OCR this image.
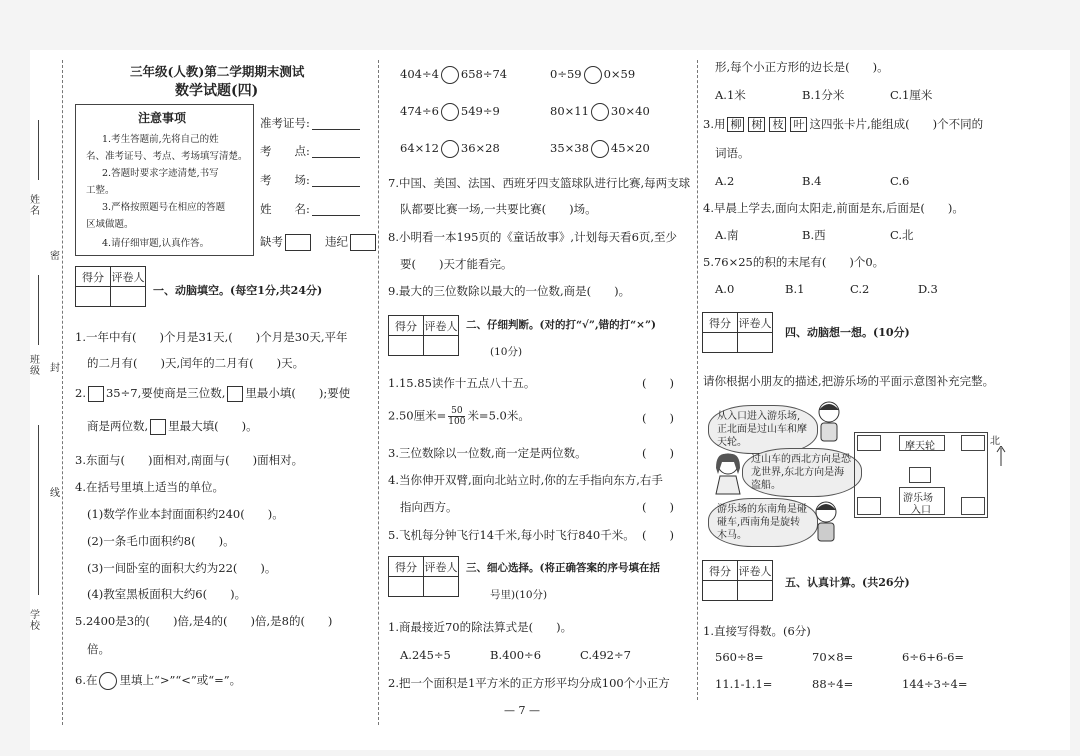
姓名
班级
学校
密
封
线
三年级(人教)第二学期期末测试
数学试题(四)
注意事项
1.考生答题前,先将自己的姓
名、准考证号、考点、考场填写清楚。
2.答题时要求字迹清楚,书写
工整。
3.严格按照题号在相应的答题
区域做题。
4.请仔细审题,认真作答。
准考证号:
考　　点:
考　　场:
姓　　名:
缺考	违纪
得分	评卷人

一、动脑填空。(每空1分,共24分)
1.一年中有(　　)个月是31天,(　　)个月是30天,平年
的二月有(　　)天,闰年的二月有(　　)天。
2. 35÷7,要使商是三位数, 里最小填(　　);要使
商是两位数, 里最大填(　　)。
3.东面与(　　)面相对,南面与(　　)面相对。
4.在括号里填上适当的单位。
(1)数学作业本封面面积约240(　　)。
(2)一条毛巾面积约8(　　)。
(3)一间卧室的面积大约为22(　　)。
(4)教室黑板面积大约6(　　)。
5.2400是3的(　　)倍,是4的(　　)倍,是8的(　　)
倍。
6.在 里填上“>”“<”或“=”。
404÷4 658÷74	0÷59 0×59
474÷6 549÷9	80×11 30×40
64×12 36×28	35×38 45×20
7.中国、美国、法国、西班牙四支篮球队进行比赛,每两支球
队都要比赛一场,一共要比赛(　　)场。
8.小明看一本195页的《童话故事》,计划每天看6页,至少
要(　　)天才能看完。
9.最大的三位数除以最大的一位数,商是(　　)。
得分	评卷人
	二、仔细判断。(对的打“√”,错的打“×”)
(10分)
1.15.85读作十五点八十五。	(　　)
2.50厘米= $\frac{50}{100}$ 米=5.0米。	(　　)
3.三位数除以一位数,商一定是两位数。	(　　)
4.当你伸开双臂,面向北站立时,你的左手指向东方,右手
指向西方。	(　　)
5.飞机每分钟飞行14千米,每小时飞行840千米。 (　　)
得分	评卷人
	三、细心选择。(将正确答案的序号填在括
号里)(10分)
1.商最接近70的除法算式是(　　)。
A.245÷5	B.400÷6	C.492÷7
2.把一个面积是1平方米的正方形平均分成100个小正方
形,每个小正方形的边长是(　　)。
A.1米	B.1分米	C.1厘米
3.用 柳 树 枝 叶 这四张卡片,能组成(　　)个不同的
词语。
A.2	B.4	C.6
4.早晨上学去,面向太阳走,前面是东,后面是(　　)。
A.南	B.西	C.北
5.76×25的积的末尾有(　　)个0。
A.0	B.1	C.2	D.3
得分	评卷人

四、动脑想一想。(10分)
请你根据小朋友的描述,把游乐场的平面示意图补充完整。
从入口进入游乐场,正北面是过山车和摩天轮。
过山车的西北方向是恐龙世界,东北方向是海盗船。
游乐场的东南角是碰碰车,西南角是旋转木马。
摩天轮
游乐场
入口
北
得分	评卷人

五、认真计算。(共26分)
1.直接写得数。(6分)
560÷8=	70×8=	6÷6+6-6=
11.1-1.1=	88÷4=	144÷3÷4=
— 7 —
